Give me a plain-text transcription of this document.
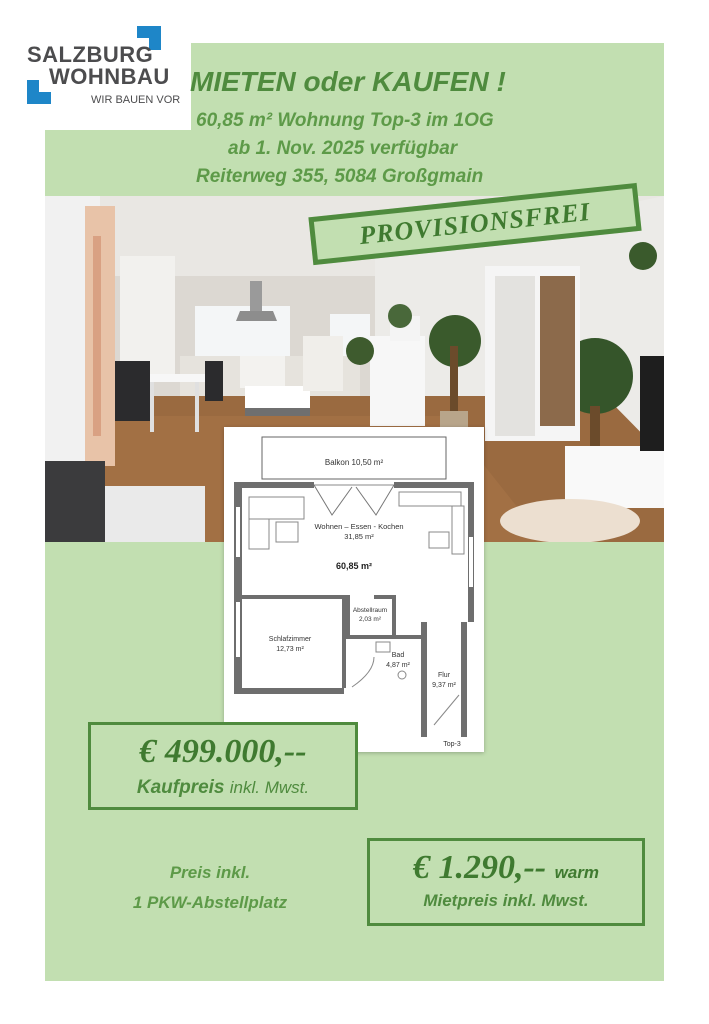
SALZBURG
WOHNBAU
WIR BAUEN VOR
MIETEN oder KAUFEN !
60,85 m² Wohnung Top-3 im 1OG
ab 1. Nov. 2025 verfügbar
Reiterweg 355, 5084 Großgmain
PROVISIONSFREI
Balkon 10,50 m²
Wohnen – Essen - Kochen
31,85 m²
60,85 m²
Abstellraum
2,03 m²
Schlafzimmer
12,73 m²
Bad
4,87 m²
Flur
9,37 m²
Top-3
€ 499.000,--
Kaufpreis inkl. Mwst.
Preis inkl.
1 PKW-Abstellplatz
€ 1.290,-- warm
Mietpreis inkl. Mwst.
